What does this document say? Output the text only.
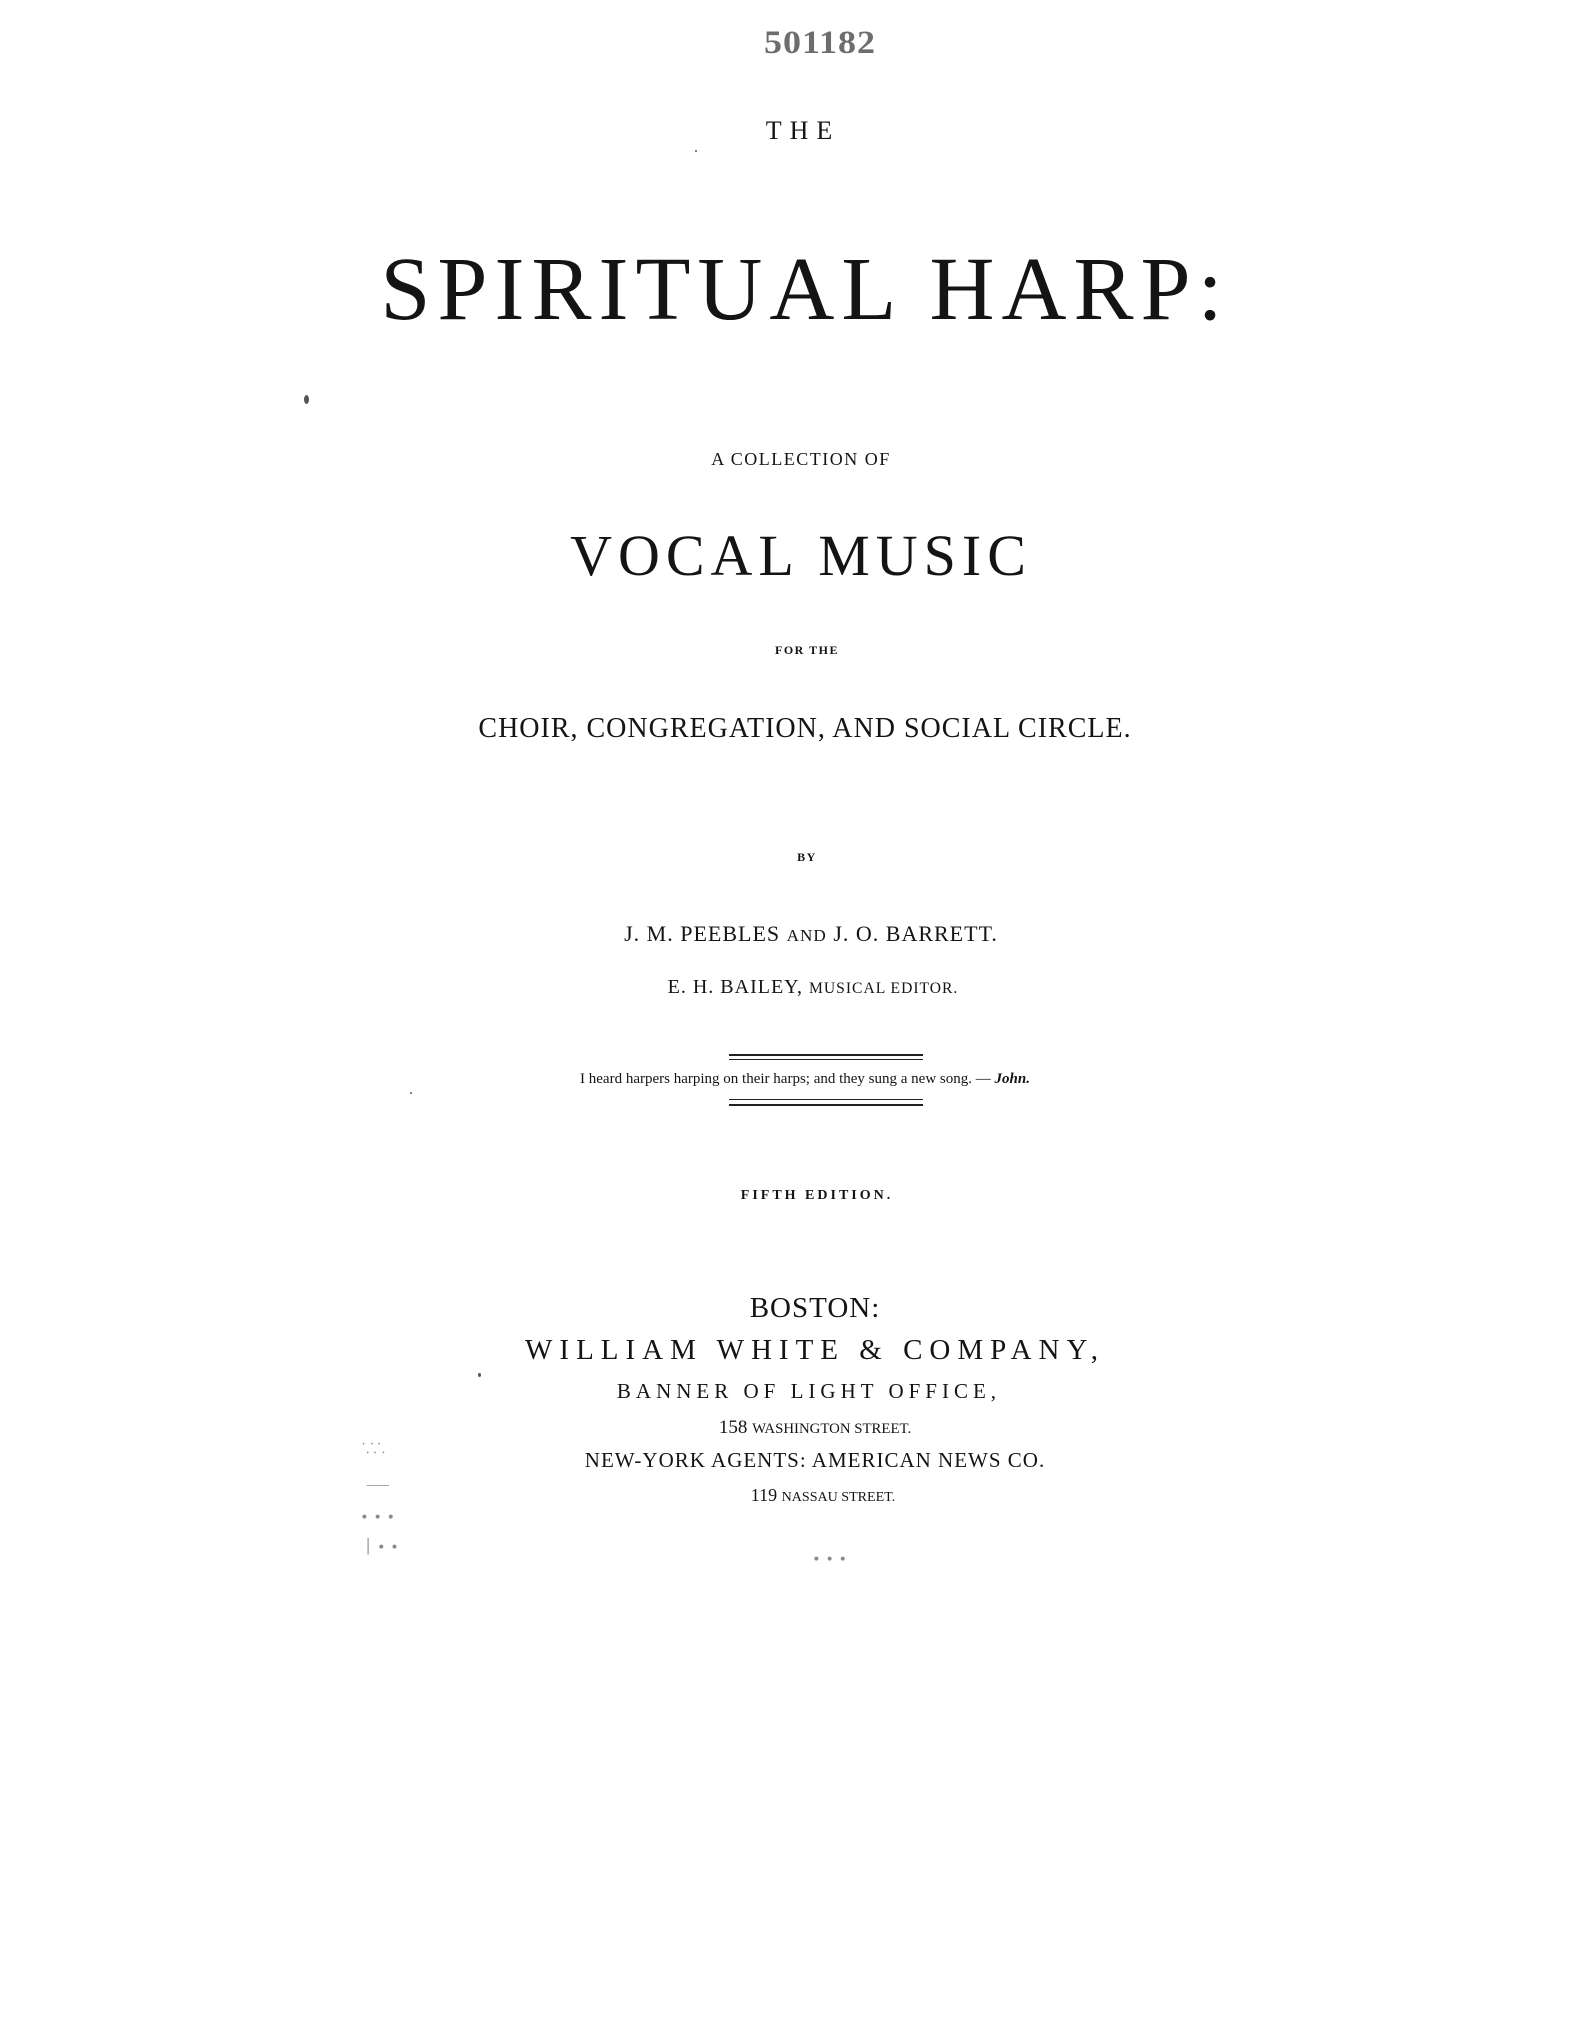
501182
THE
SPIRITUAL HARP:
A COLLECTION OF
VOCAL MUSIC
FOR THE
CHOIR, CONGREGATION, AND SOCIAL CIRCLE.
BY
J. M. PEEBLES AND J. O. BARRETT.
E. H. BAILEY, MUSICAL EDITOR.
I heard harpers harping on their harps; and they sung a new song. — John.
FIFTH EDITION.
BOSTON:
WILLIAM WHITE & COMPANY,
BANNER OF LIGHT OFFICE,
158 WASHINGTON STREET.
NEW-YORK AGENTS: AMERICAN NEWS CO.
119 NASSAU STREET.
⸪⸫
⸺
∙ ∙ ∙
│ ∙ ∙
∙ ∙ ∙
